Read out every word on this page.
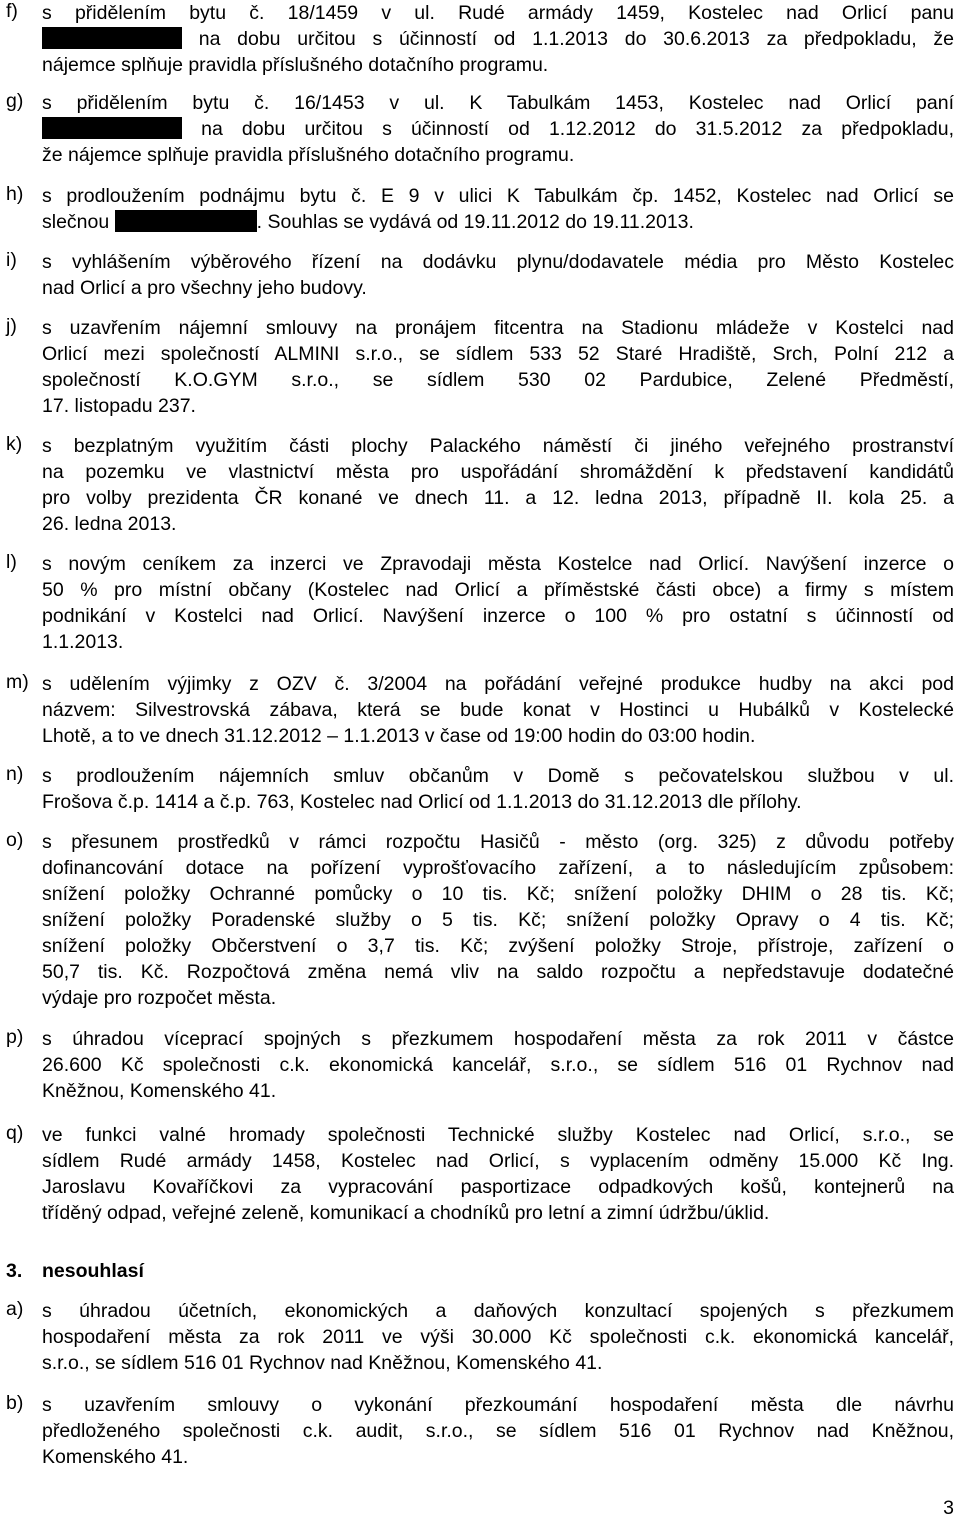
f) s přidělením bytu č. 18/1459 v ul. Rudé armády 1459, Kostelec nad Orlicí panu
na dobu určitou s účinností od 1.1.2013 do 30.6.2013 za předpokladu, že
nájemce splňuje pravidla příslušného dotačního programu.
g) s přidělením bytu č. 16/1453 v ul. K Tabulkám 1453, Kostelec nad Orlicí paní
na dobu určitou s účinností od 1.12.2012 do 31.5.2012 za předpokladu,
že nájemce splňuje pravidla příslušného dotačního programu.
h) s prodloužením podnájmu bytu č. E 9 v ulici K Tabulkám čp. 1452, Kostelec nad Orlicí se
slečnou	. Souhlas se vydává od 19.11.2012 do 19.11.2013.
i) s vyhlášením výběrového řízení na dodávku plynu/dodavatele média pro Město Kostelec
nad Orlicí a pro všechny jeho budovy.
j) s uzavřením nájemní smlouvy na pronájem fitcentra na Stadionu mládeže v Kostelci nad
Orlicí mezi společností ALMINI s.r.o., se sídlem 533 52 Staré Hradiště, Srch, Polní 212 a
společností K.O.GYM s.r.o., se sídlem 530 02 Pardubice, Zelené Předměstí,
17. listopadu 237.
k) s bezplatným využitím části plochy Palackého náměstí či jiného veřejného prostranství
na pozemku ve vlastnictví města pro uspořádání shromáždění k představení kandidátů
pro volby prezidenta ČR konané ve dnech 11. a 12. ledna 2013, případně II. kola 25. a
26. ledna 2013.
l) s novým ceníkem za inzerci ve Zpravodaji města Kostelce nad Orlicí. Navýšení inzerce o
50 % pro místní občany (Kostelec nad Orlicí a příměstské části obce) a firmy s místem
podnikání v Kostelci nad Orlicí. Navýšení inzerce o 100 % pro ostatní s účinností od
1.1.2013.
m) s udělením výjimky z OZV č. 3/2004 na pořádání veřejné produkce hudby na akci pod
názvem: Silvestrovská zábava, která se bude konat v Hostinci u Hubálků v Kostelecké
Lhotě, a to ve dnech 31.12.2012 – 1.1.2013 v čase od 19:00 hodin do 03:00 hodin.
n) s prodloužením nájemních smluv občanům v Domě s pečovatelskou službou v ul.
Frošova č.p. 1414 a č.p. 763, Kostelec nad Orlicí od 1.1.2013 do 31.12.2013 dle přílohy.
o) s přesunem prostředků v rámci rozpočtu Hasičů - město (org. 325) z důvodu potřeby
dofinancování dotace na pořízení vyprošťovacího zařízení, a to následujícím způsobem:
snížení položky Ochranné pomůcky o 10 tis. Kč; snížení položky DHIM o 28 tis. Kč;
snížení položky Poradenské služby o 5 tis. Kč; snížení položky Opravy o 4 tis. Kč;
snížení položky Občerstvení o 3,7 tis. Kč; zvýšení položky Stroje, přístroje, zařízení o
50,7 tis. Kč. Rozpočtová změna nemá vliv na saldo rozpočtu a nepředstavuje dodatečné
výdaje pro rozpočet města.
p) s úhradou víceprací spojných s přezkumem hospodaření města za rok 2011 v částce
26.600 Kč společnosti c.k. ekonomická kancelář, s.r.o., se sídlem 516 01 Rychnov nad
Kněžnou, Komenského 41.
q) ve funkci valné hromady společnosti Technické služby Kostelec nad Orlicí, s.r.o., se
sídlem Rudé armády 1458, Kostelec nad Orlicí, s vyplacením odměny 15.000 Kč Ing.
Jaroslavu Kovaříčkovi za vypracování pasportizace odpadkových košů, kontejnerů na
tříděný odpad, veřejné zeleně, komunikací a chodníků pro letní a zimní údržbu/úklid.
3. nesouhlasí
a) s úhradou účetních, ekonomických a daňových konzultací spojených s přezkumem
hospodaření města za rok 2011 ve výši 30.000 Kč společnosti c.k. ekonomická kancelář,
s.r.o., se sídlem 516 01 Rychnov nad Kněžnou, Komenského 41.
b) s uzavřením smlouvy o vykonání přezkoumání hospodaření města dle návrhu
předloženého společnosti c.k. audit, s.r.o., se sídlem 516 01 Rychnov nad Kněžnou,
Komenského 41.
3
